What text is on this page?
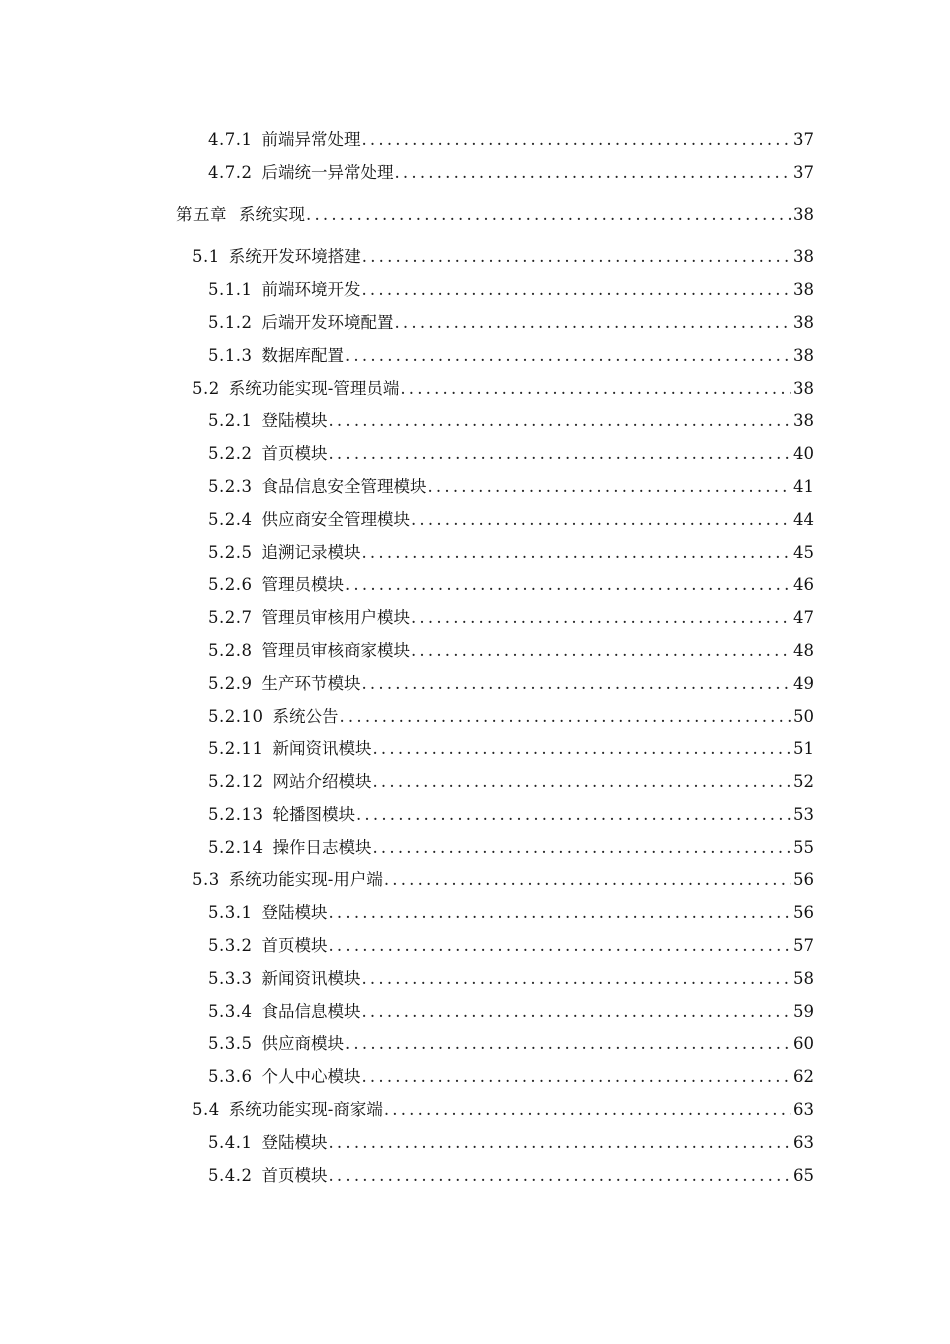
4.7.1 前端异常处理 .....	37
4.7.2 后端统一异常处理 .....	37
第五章 系统实现 .....	38
5.1 系统开发环境搭建 .....	38
5.1.1 前端环境开发 .....	38
5.1.2 后端开发环境配置 .....	38
5.1.3 数据库配置 .....	38
5.2 系统功能实现-管理员端 .....	38
5.2.1 登陆模块 .....	38
5.2.2 首页模块 .....	40
5.2.3 食品信息安全管理模块 .....	41
5.2.4 供应商安全管理模块 .....	44
5.2.5 追溯记录模块 .....	45
5.2.6 管理员模块 .....	46
5.2.7 管理员审核用户模块 .....	47
5.2.8 管理员审核商家模块 .....	48
5.2.9 生产环节模块 .....	49
5.2.10 系统公告 .....	50
5.2.11 新闻资讯模块 .....	51
5.2.12 网站介绍模块 .....	52
5.2.13 轮播图模块 .....	53
5.2.14 操作日志模块 .....	55
5.3 系统功能实现-用户端 .....	56
5.3.1 登陆模块 .....	56
5.3.2 首页模块 .....	57
5.3.3 新闻资讯模块 .....	58
5.3.4 食品信息模块 .....	59
5.3.5 供应商模块 .....	60
5.3.6 个人中心模块 .....	62
5.4 系统功能实现-商家端 .....	63
5.4.1 登陆模块 .....	63
5.4.2 首页模块 .....	65
